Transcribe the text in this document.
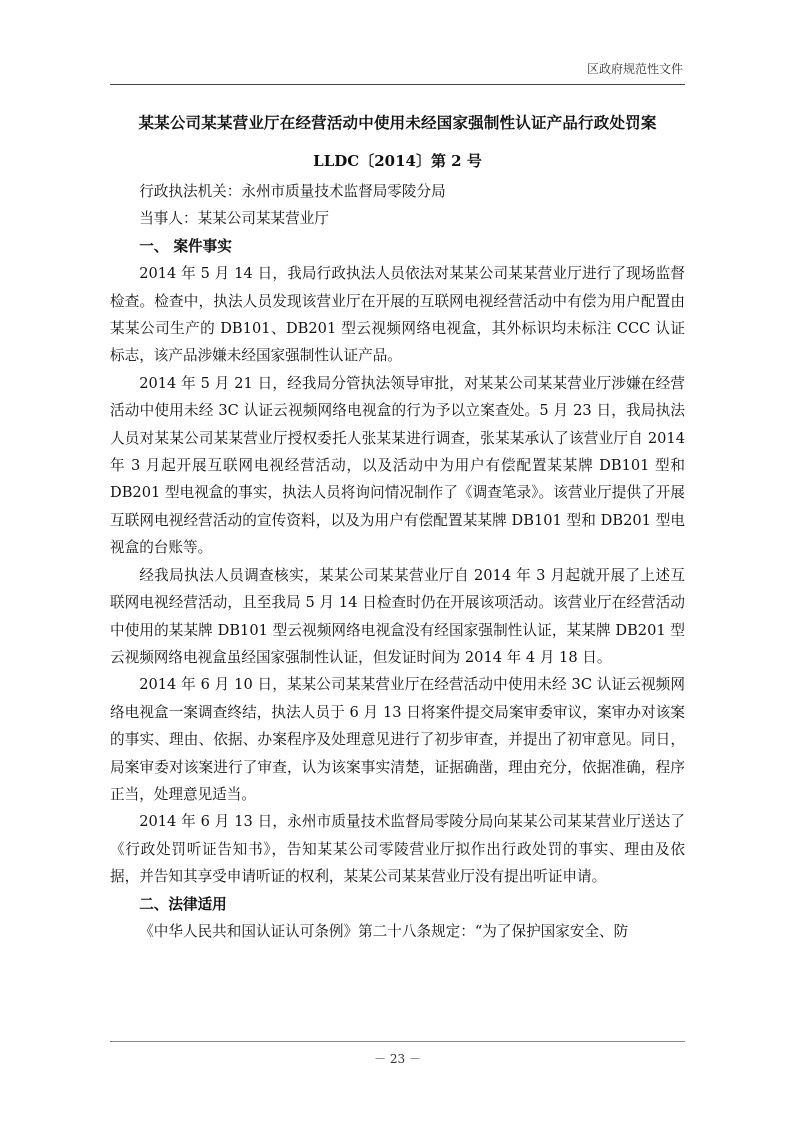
区政府规范性文件
某某公司某某营业厅在经营活动中使用未经国家强制性认证产品行政处罚案
LLDC〔2014〕第 2 号

行政执法机关：永州市质量技术监督局零陵分局

当事人：某某公司某某营业厅

一、 案件事实

2014 年 5 月 14 日，我局行政执法人员依法对某某公司某某营业厅进行了现场监督检查。检查中，执法人员发现该营业厅在开展的互联网电视经营活动中有偿为用户配置由某某公司生产的 DB101、DB201 型云视频网络电视盒，其外标识均未标注 CCC 认证标志，该产品涉嫌未经国家强制性认证产品。

2014 年 5 月 21 日，经我局分管执法领导审批，对某某公司某某营业厅涉嫌在经营活动中使用未经 3C 认证云视频网络电视盒的行为予以立案查处。5 月 23 日，我局执法人员对某某公司某某营业厅授权委托人张某某进行调查，张某某承认了该营业厅自 2014 年 3 月起开展互联网电视经营活动，以及活动中为用户有偿配置某某牌 DB101 型和 DB201 型电视盒的事实，执法人员将询问情况制作了《调查笔录》。该营业厅提供了开展互联网电视经营活动的宣传资料，以及为用户有偿配置某某牌 DB101 型和 DB201 型电视盒的台账等。

经我局执法人员调查核实，某某公司某某营业厅自 2014 年 3 月起就开展了上述互联网电视经营活动，且至我局 5 月 14 日检查时仍在开展该项活动。该营业厅在经营活动中使用的某某牌 DB101 型云视频网络电视盒没有经国家强制性认证，某某牌 DB201 型云视频网络电视盒虽经国家强制性认证，但发证时间为 2014 年 4 月 18 日。

2014 年 6 月 10 日，某某公司某某营业厅在经营活动中使用未经 3C 认证云视频网络电视盒一案调查终结，执法人员于 6 月 13 日将案件提交局案审委审议，案审办对该案的事实、理由、依据、办案程序及处理意见进行了初步审查，并提出了初审意见。同日，局案审委对该案进行了审查，认为该案事实清楚，证据确凿，理由充分，依据准确，程序正当，处理意见适当。

2014 年 6 月 13 日，永州市质量技术监督局零陵分局向某某公司某某营业厅送达了《行政处罚听证告知书》，告知某某公司零陵营业厅拟作出行政处罚的事实、理由及依据，并告知其享受申请听证的权利，某某公司某某营业厅没有提出听证申请。

二、法律适用

《中华人民共和国认证认可条例》第二十八条规定：“为了保护国家安全、防

－ 23 －
